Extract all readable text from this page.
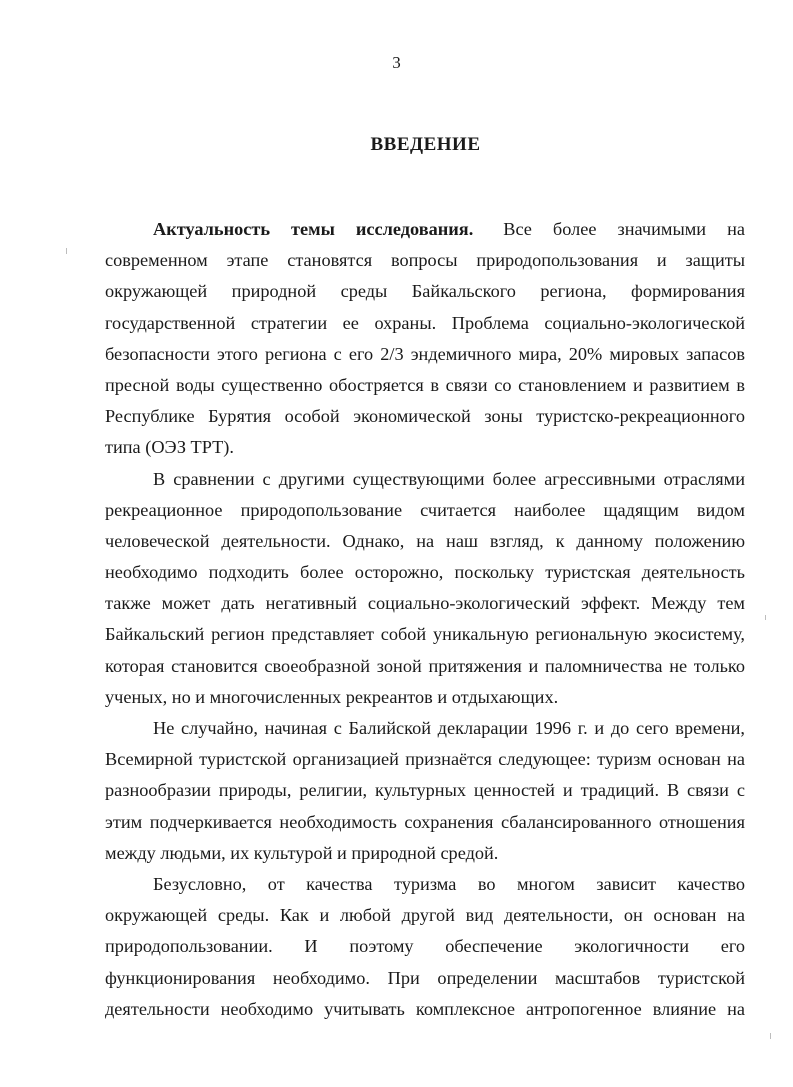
3
ВВЕДЕНИЕ
Актуальность темы исследования. Все более значимыми на
современном этапе становятся вопросы природопользования и защиты
окружающей природной среды Байкальского региона, формирования
государственной стратегии ее охраны. Проблема социально-экологической
безопасности этого региона с его 2/3 эндемичного мира, 20% мировых запасов
пресной воды существенно обостряется в связи со становлением и развитием в
Республике Бурятия особой экономической зоны туристско-рекреационного
типа (ОЭЗ ТРТ).
В сравнении с другими существующими более агрессивными отраслями
рекреационное природопользование считается наиболее щадящим видом
человеческой деятельности. Однако, на наш взгляд, к данному положению
необходимо подходить более осторожно, поскольку туристская деятельность
также может дать негативный социально-экологический эффект. Между тем
Байкальский регион представляет собой уникальную региональную экосистему,
которая становится своеобразной зоной притяжения и паломничества не только
ученых, но и многочисленных рекреантов и отдыхающих.
Не случайно, начиная с Балийской декларации 1996 г. и до сего времени,
Всемирной туристской организацией признаётся следующее: туризм основан на
разнообразии природы, религии, культурных ценностей и традиций. В связи с
этим подчеркивается необходимость сохранения сбалансированного отношения
между людьми, их культурой и природной средой.
Безусловно, от качества туризма во многом зависит качество
окружающей среды. Как и любой другой вид деятельности, он основан на
природопользовании. И поэтому обеспечение экологичности его
функционирования необходимо. При определении масштабов туристской
деятельности необходимо учитывать комплексное антропогенное влияние на
